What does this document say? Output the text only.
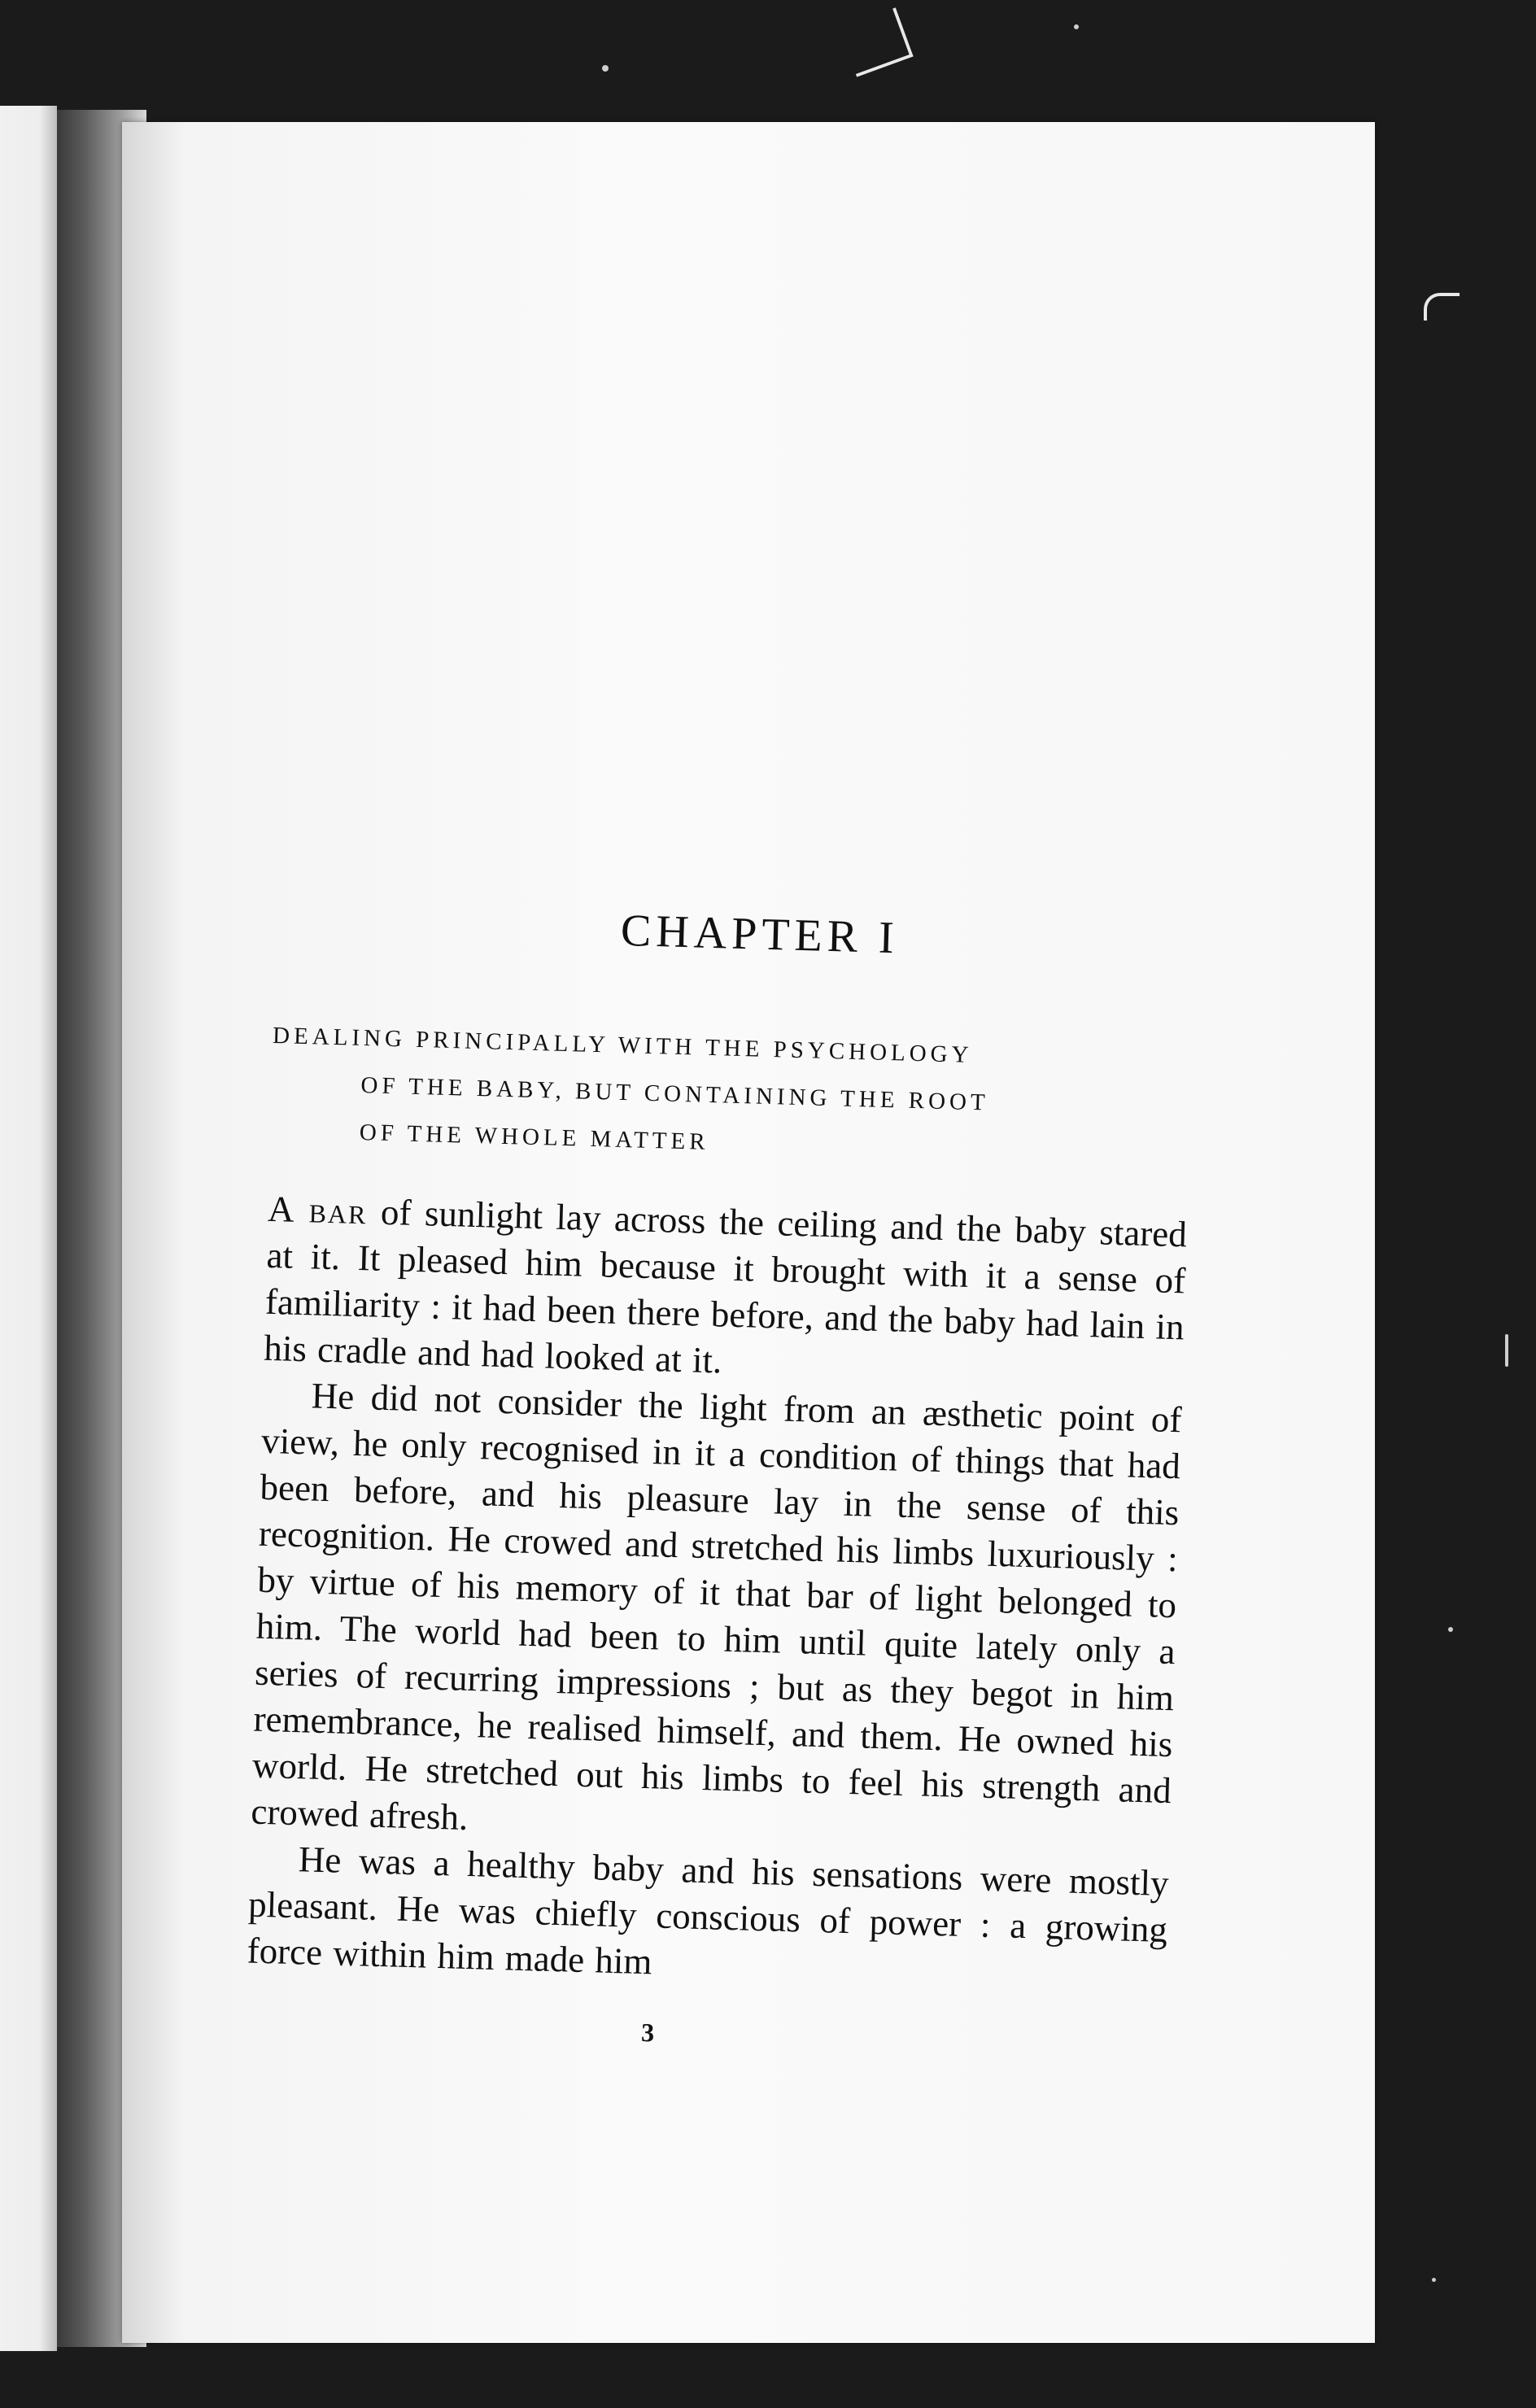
CHAPTER I
DEALING PRINCIPALLY WITH THE PSYCHOLOGY
OF THE BABY, BUT CONTAINING THE ROOT
OF THE WHOLE MATTER

A bar of sunlight lay across the ceiling and the baby stared at it. It pleased him because it brought with it a sense of familiarity : it had been there before, and the baby had lain in his cradle and had looked at it.

He did not consider the light from an æsthetic point of view, he only recognised in it a condition of things that had been before, and his pleasure lay in the sense of this recognition. He crowed and stretched his limbs luxuriously : by virtue of his memory of it that bar of light belonged to him. The world had been to him until quite lately only a series of recurring impressions ; but as they begot in him remembrance, he realised himself, and them. He owned his world. He stretched out his limbs to feel his strength and crowed afresh.

He was a healthy baby and his sensations were mostly pleasant. He was chiefly conscious of power : a growing force within him made him

3
